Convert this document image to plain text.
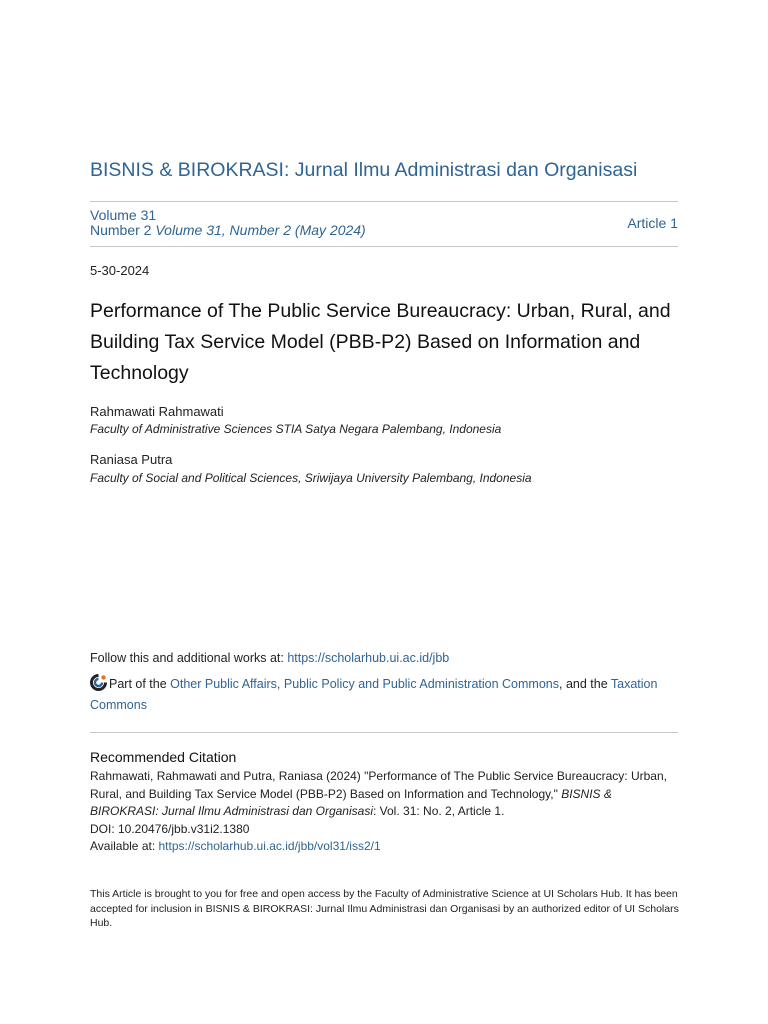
BISNIS & BIROKRASI: Jurnal Ilmu Administrasi dan Organisasi
Volume 31
Number 2 Volume 31, Number 2 (May 2024)	Article 1
5-30-2024
Performance of The Public Service Bureaucracy: Urban, Rural, and Building Tax Service Model (PBB-P2) Based on Information and Technology
Rahmawati Rahmawati
Faculty of Administrative Sciences STIA Satya Negara Palembang, Indonesia
Raniasa Putra
Faculty of Social and Political Sciences, Sriwijaya University Palembang, Indonesia
Follow this and additional works at: https://scholarhub.ui.ac.id/jbb
Part of the Other Public Affairs, Public Policy and Public Administration Commons, and the Taxation Commons
Recommended Citation
Rahmawati, Rahmawati and Putra, Raniasa (2024) "Performance of The Public Service Bureaucracy: Urban, Rural, and Building Tax Service Model (PBB-P2) Based on Information and Technology," BISNIS & BIROKRASI: Jurnal Ilmu Administrasi dan Organisasi: Vol. 31: No. 2, Article 1.
DOI: 10.20476/jbb.v31i2.1380
Available at: https://scholarhub.ui.ac.id/jbb/vol31/iss2/1
This Article is brought to you for free and open access by the Faculty of Administrative Science at UI Scholars Hub. It has been accepted for inclusion in BISNIS & BIROKRASI: Jurnal Ilmu Administrasi dan Organisasi by an authorized editor of UI Scholars Hub.
